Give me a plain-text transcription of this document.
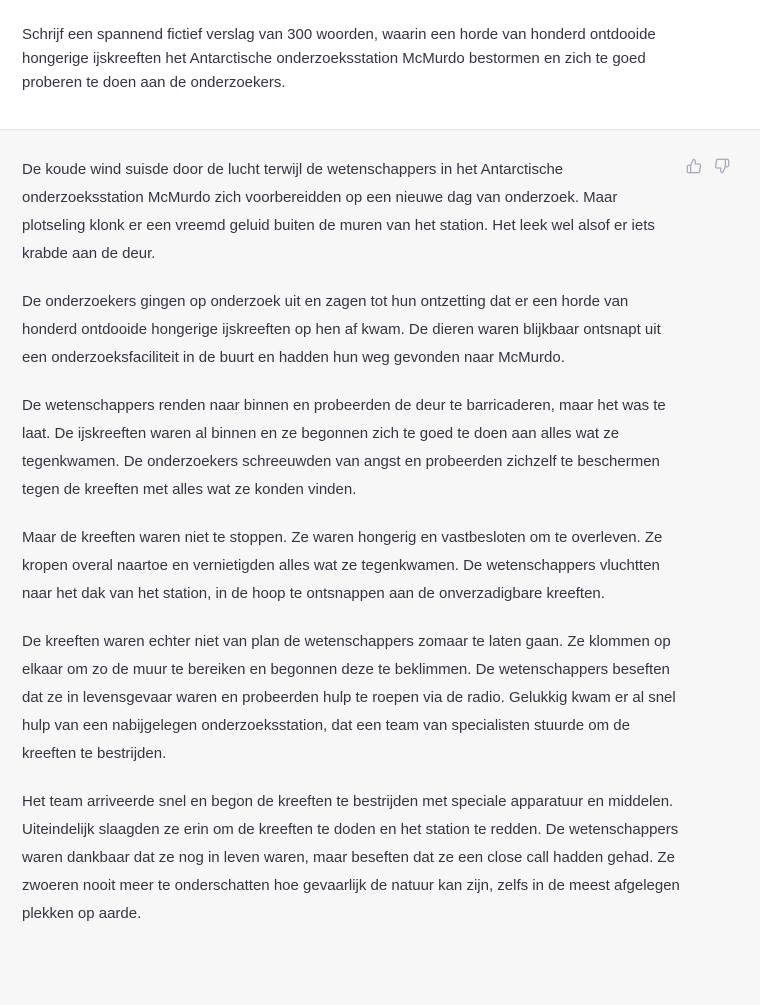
Schrijf een spannend fictief verslag van 300 woorden, waarin een horde van honderd ontdooide hongerige ijskreeften het Antarctische onderzoeksstation McMurdo bestormen en zich te goed proberen te doen aan de onderzoekers.

De koude wind suisde door de lucht terwijl de wetenschappers in het Antarctische onderzoeksstation McMurdo zich voorbereidden op een nieuwe dag van onderzoek. Maar plotseling klonk er een vreemd geluid buiten de muren van het station. Het leek wel alsof er iets krabde aan de deur.

De onderzoekers gingen op onderzoek uit en zagen tot hun ontzetting dat er een horde van honderd ontdooide hongerige ijskreeften op hen af kwam. De dieren waren blijkbaar ontsnapt uit een onderzoeksfaciliteit in de buurt en hadden hun weg gevonden naar McMurdo.

De wetenschappers renden naar binnen en probeerden de deur te barricaderen, maar het was te laat. De ijskreeften waren al binnen en ze begonnen zich te goed te doen aan alles wat ze tegenkwamen. De onderzoekers schreeuwden van angst en probeerden zichzelf te beschermen tegen de kreeften met alles wat ze konden vinden.

Maar de kreeften waren niet te stoppen. Ze waren hongerig en vastbesloten om te overleven. Ze kropen overal naartoe en vernietigden alles wat ze tegenkwamen. De wetenschappers vluchtten naar het dak van het station, in de hoop te ontsnappen aan de onverzadigbare kreeften.

De kreeften waren echter niet van plan de wetenschappers zomaar te laten gaan. Ze klommen op elkaar om zo de muur te bereiken en begonnen deze te beklimmen. De wetenschappers beseften dat ze in levensgevaar waren en probeerden hulp te roepen via de radio. Gelukkig kwam er al snel hulp van een nabijgelegen onderzoeksstation, dat een team van specialisten stuurde om de kreeften te bestrijden.

Het team arriveerde snel en begon de kreeften te bestrijden met speciale apparatuur en middelen. Uiteindelijk slaagden ze erin om de kreeften te doden en het station te redden. De wetenschappers waren dankbaar dat ze nog in leven waren, maar beseften dat ze een close call hadden gehad. Ze zwoeren nooit meer te onderschatten hoe gevaarlijk de natuur kan zijn, zelfs in de meest afgelegen plekken op aarde.
